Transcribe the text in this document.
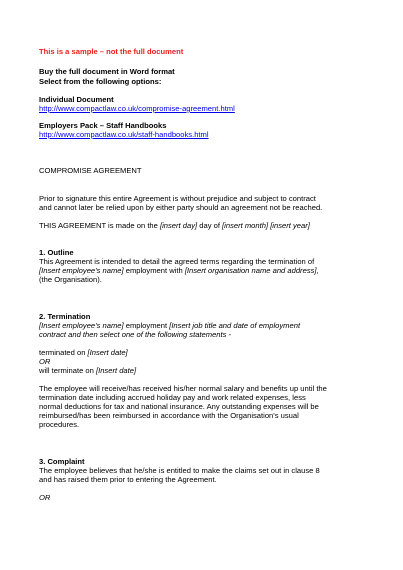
This is a sample – not the full document
Buy the full document in Word format
Select from the following options:
Individual Document
http://www.compactlaw.co.uk/compromise-agreement.html
Employers Pack – Staff Handbooks
http://www.compactlaw.co.uk/staff-handbooks.html
COMPROMISE AGREEMENT
Prior to signature this entire Agreement is without prejudice and subject to contract
and cannot later be relied upon by either party should an agreement not be reached.
THIS AGREEMENT is made on the [insert day] day of [insert month] [insert year]
1. Outline
This Agreement is intended to detail the agreed terms regarding the termination of
[Insert employee's name] employment with [Insert organisation name and address],
(the Organisation).
2. Termination
[Insert employee's name] employment [Insert job title and date of employment
contract and then select one of the following statements -
terminated on [Insert date]
OR
will terminate on [Insert date]
The employee will receive/has received his/her normal salary and benefits up until the
termination date including accrued holiday pay and work related expenses, less
normal deductions for tax and national insurance. Any outstanding expenses will be
reimbursed/has been reimbursed in accordance with the Organisation's usual
procedures.
3. Complaint
The employee believes that he/she is entitled to make the claims set out in clause 8
and has raised them prior to entering the Agreement.
OR
